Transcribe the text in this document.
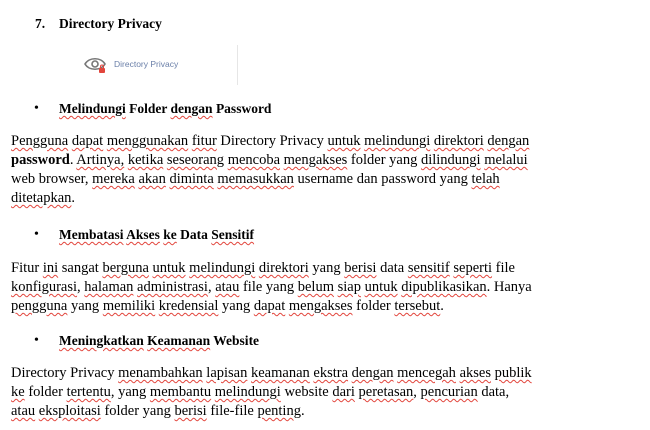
7. Directory Privacy
Directory Privacy
• Melindungi Folder dengan Password
Pengguna dapat menggunakan fitur Directory Privacy untuk melindungi direktori dengan
password. Artinya, ketika seseorang mencoba mengakses folder yang dilindungi melalui
web browser, mereka akan diminta memasukkan username dan password yang telah
ditetapkan.
• Membatasi Akses ke Data Sensitif
Fitur ini sangat berguna untuk melindungi direktori yang berisi data sensitif seperti file
konfigurasi, halaman administrasi, atau file yang belum siap untuk dipublikasikan. Hanya
pengguna yang memiliki kredensial yang dapat mengakses folder tersebut.
• Meningkatkan Keamanan Website
Directory Privacy menambahkan lapisan keamanan ekstra dengan mencegah akses publik
ke folder tertentu, yang membantu melindungi website dari peretasan, pencurian data,
atau eksploitasi folder yang berisi file-file penting.
